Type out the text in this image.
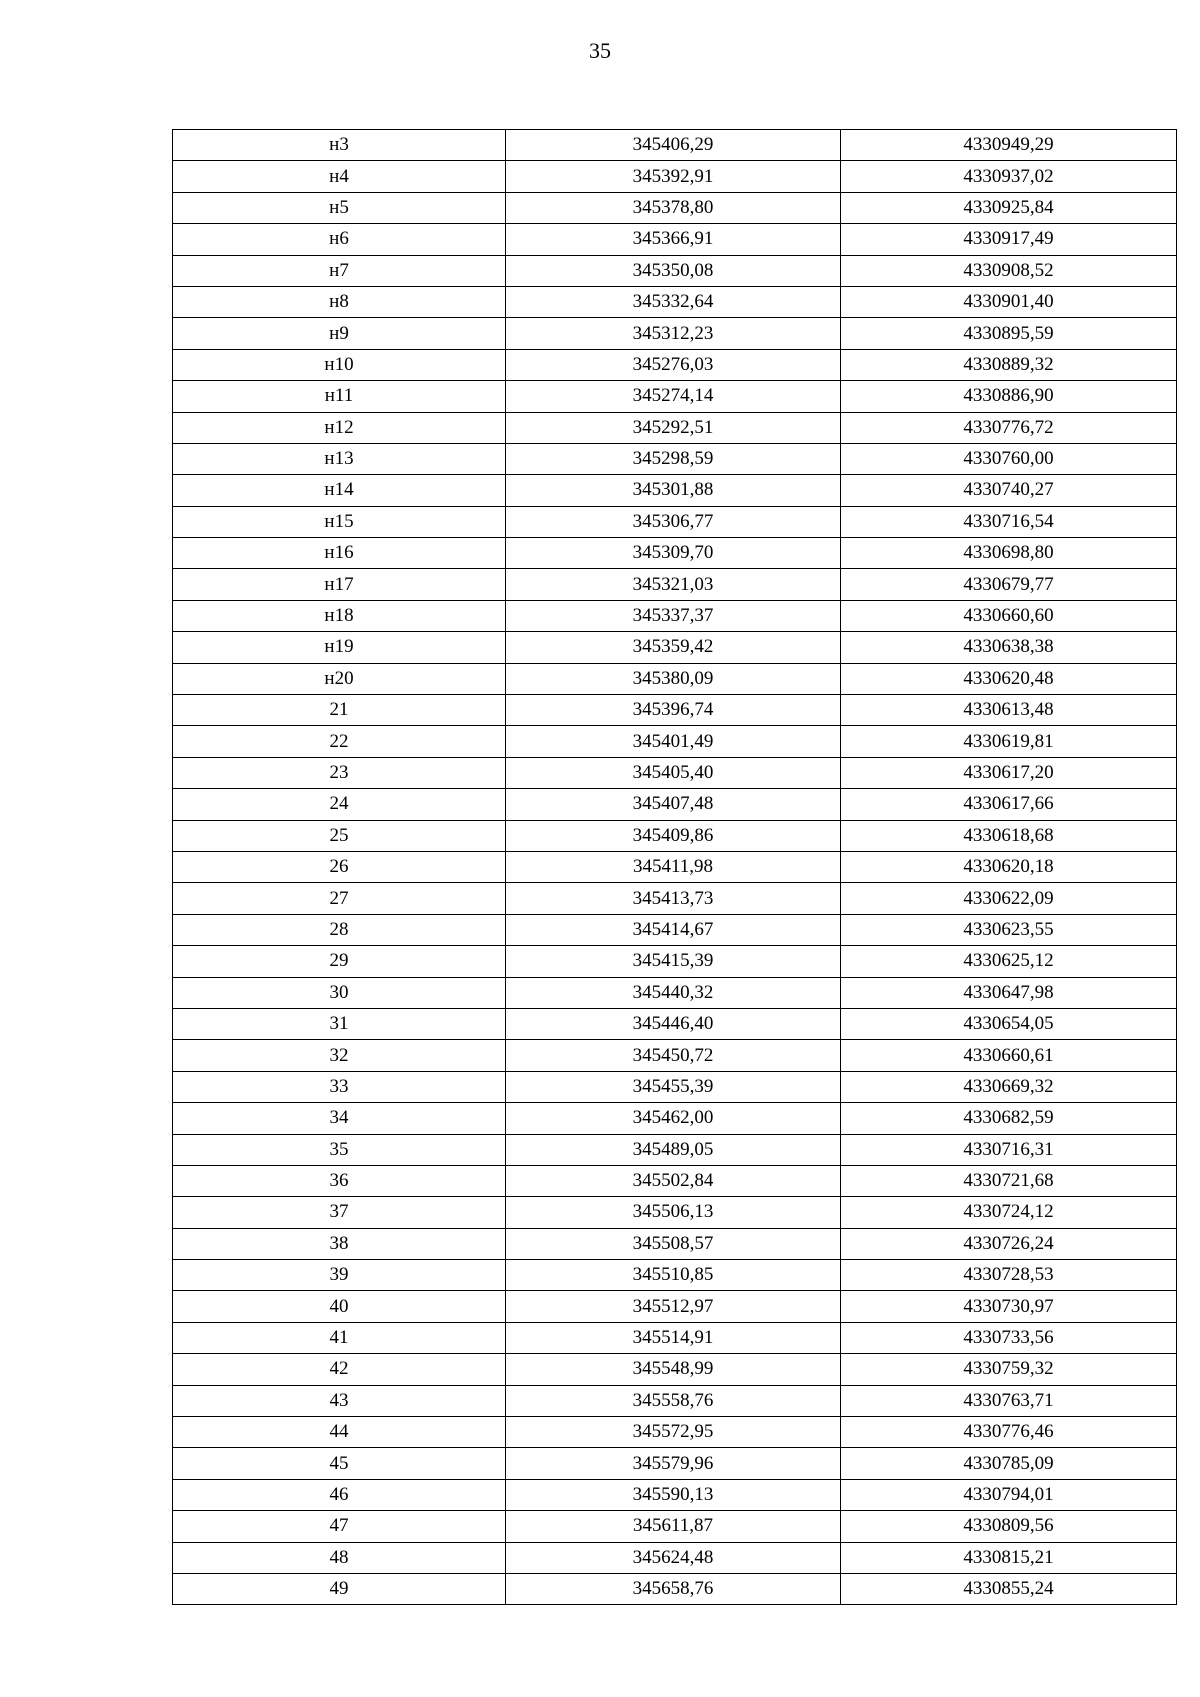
35
н3	345406,29	4330949,29
н4	345392,91	4330937,02
н5	345378,80	4330925,84
н6	345366,91	4330917,49
н7	345350,08	4330908,52
н8	345332,64	4330901,40
н9	345312,23	4330895,59
н10	345276,03	4330889,32
н11	345274,14	4330886,90
н12	345292,51	4330776,72
н13	345298,59	4330760,00
н14	345301,88	4330740,27
н15	345306,77	4330716,54
н16	345309,70	4330698,80
н17	345321,03	4330679,77
н18	345337,37	4330660,60
н19	345359,42	4330638,38
н20	345380,09	4330620,48
21	345396,74	4330613,48
22	345401,49	4330619,81
23	345405,40	4330617,20
24	345407,48	4330617,66
25	345409,86	4330618,68
26	345411,98	4330620,18
27	345413,73	4330622,09
28	345414,67	4330623,55
29	345415,39	4330625,12
30	345440,32	4330647,98
31	345446,40	4330654,05
32	345450,72	4330660,61
33	345455,39	4330669,32
34	345462,00	4330682,59
35	345489,05	4330716,31
36	345502,84	4330721,68
37	345506,13	4330724,12
38	345508,57	4330726,24
39	345510,85	4330728,53
40	345512,97	4330730,97
41	345514,91	4330733,56
42	345548,99	4330759,32
43	345558,76	4330763,71
44	345572,95	4330776,46
45	345579,96	4330785,09
46	345590,13	4330794,01
47	345611,87	4330809,56
48	345624,48	4330815,21
49	345658,76	4330855,24
